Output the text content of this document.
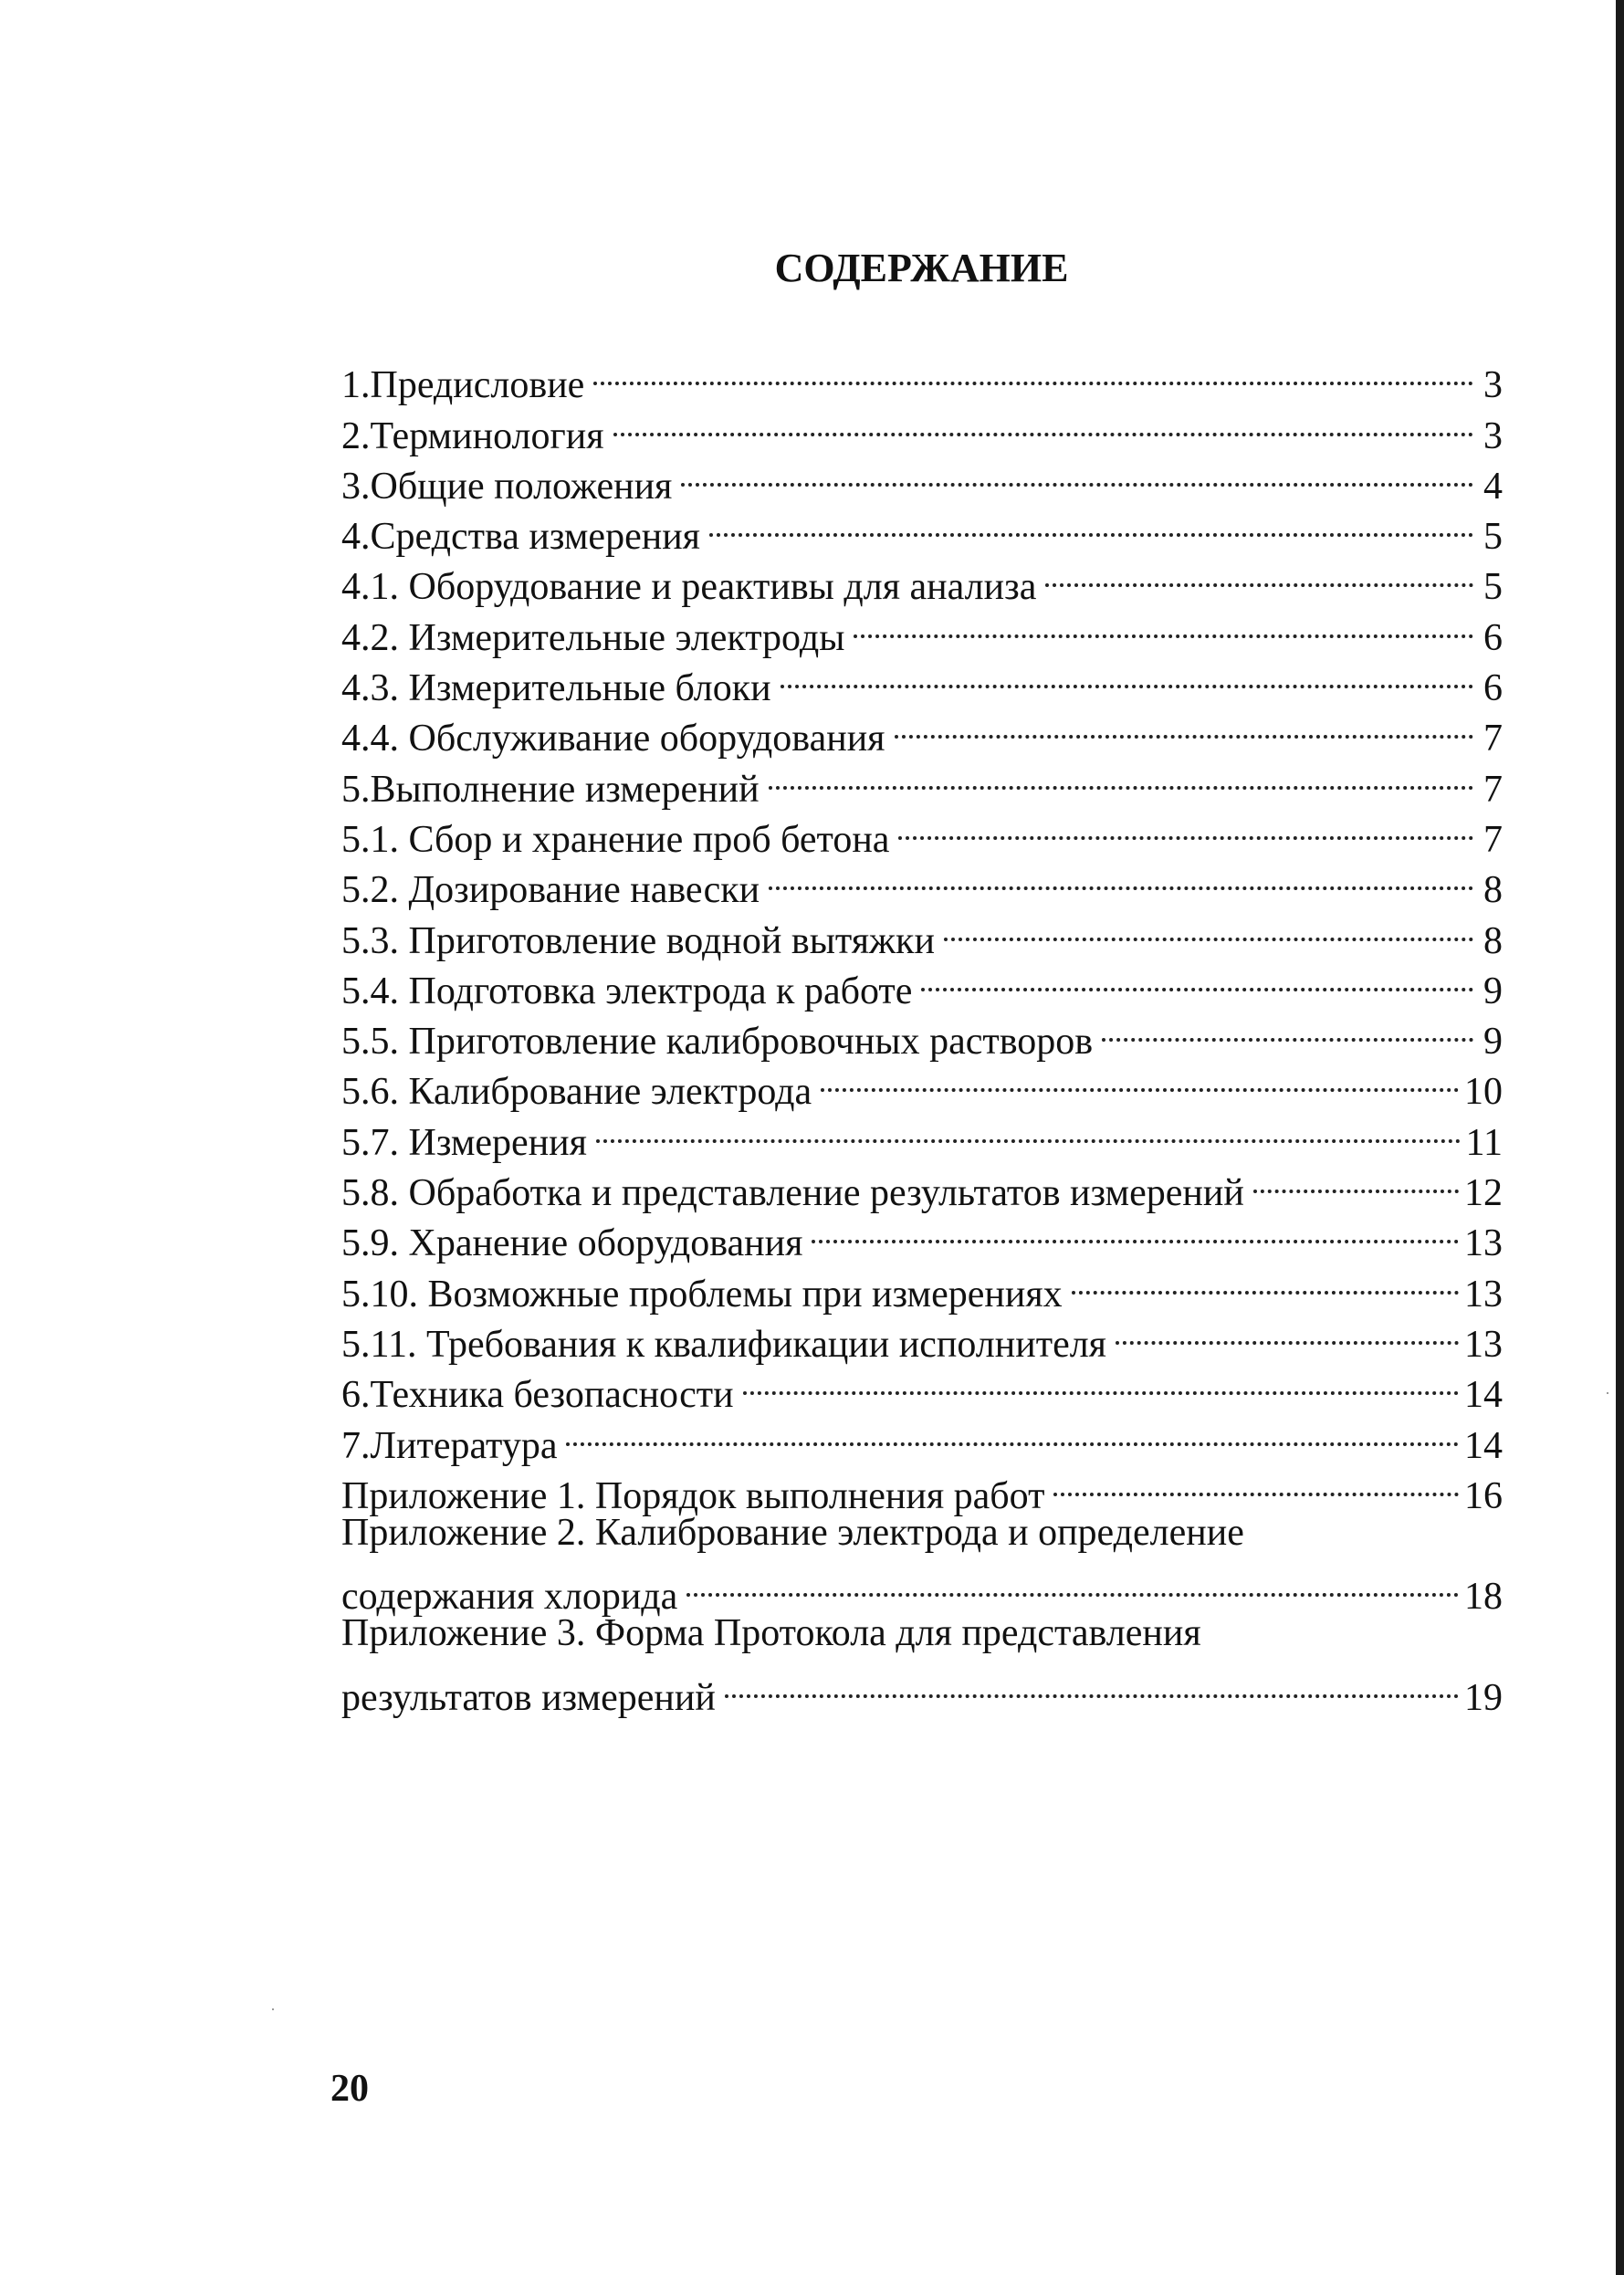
СОДЕРЖАНИЕ
1.Предисловие	3
2.Терминология	3
3.Общие положения	4
4.Средства измерения	5
4.1. Оборудование и реактивы для анализа	5
4.2. Измерительные электроды	6
4.3. Измерительные блоки	6
4.4. Обслуживание оборудования	7
5.Выполнение измерений	7
5.1. Сбор и хранение проб бетона	7
5.2. Дозирование навески	8
5.3. Приготовление водной вытяжки	8
5.4. Подготовка электрода к работе	9
5.5. Приготовление калибровочных растворов	9
5.6. Калибрование электрода	10
5.7. Измерения	11
5.8. Обработка и представление результатов измерений	12
5.9. Хранение оборудования	13
5.10. Возможные проблемы при измерениях	13
5.11. Требования к квалификации исполнителя	13
6.Техника безопасности	14
7.Литература	14
Приложение 1. Порядок выполнения работ	16
Приложение 2. Калибрование электрода и определение
содержания хлорида	18
Приложение 3. Форма Протокола для представления
результатов измерений	19
20
